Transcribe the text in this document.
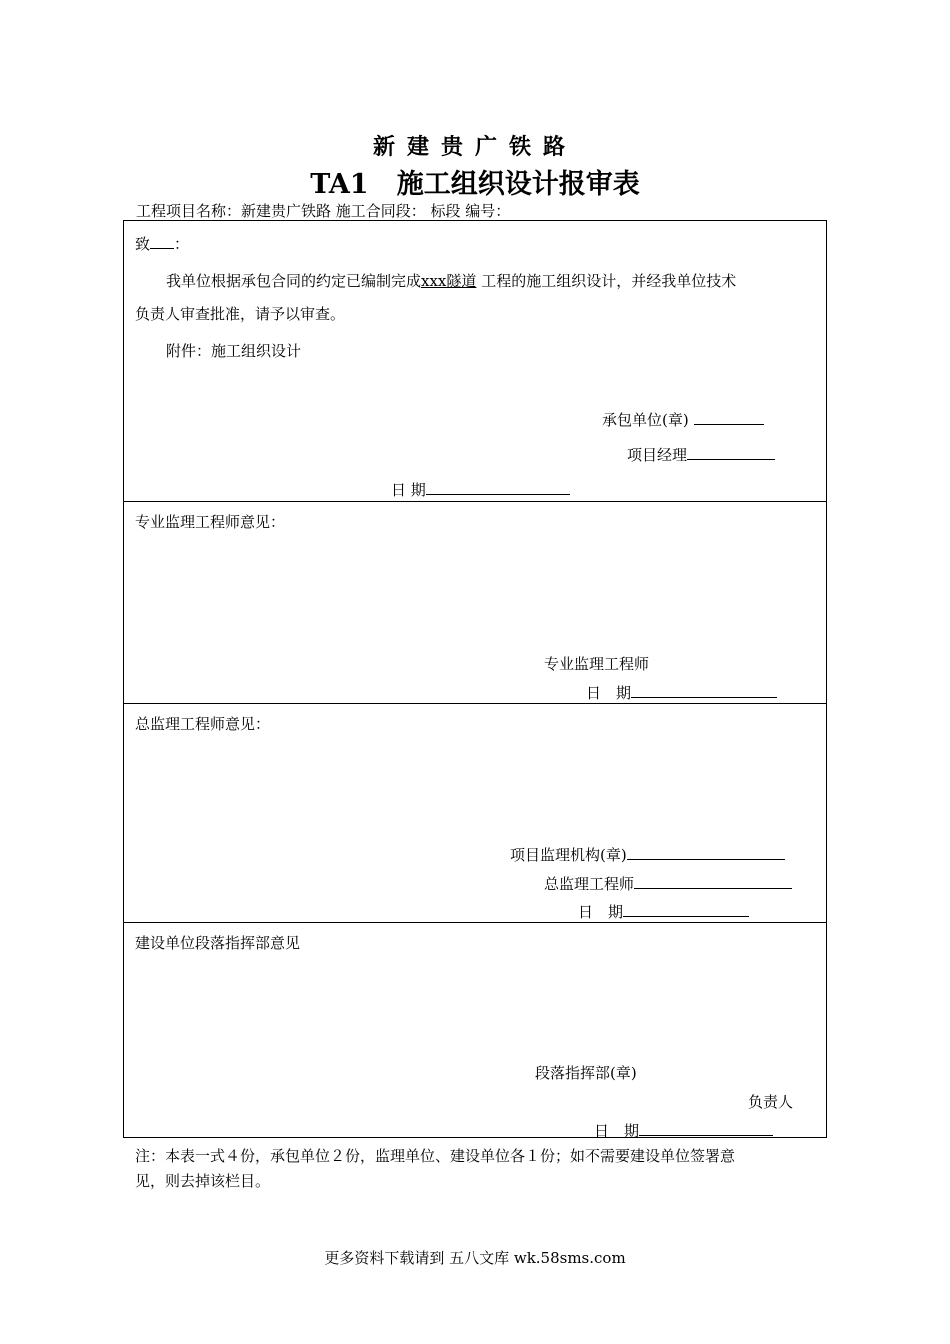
新建贵广铁路
TA1 施工组织设计报审表
工程项目名称：新建贵广铁路 施工合同段： 标段 编号：
致 ：
我单位根据承包合同的约定已编制完成xxx隧道 工程的施工组织设计，并经我单位技术
负责人审查批准，请予以审查。
附件：施工组织设计
承包单位(章)
项目经理
日 期
专业监理工程师意见：
专业监理工程师
日　期
总监理工程师意见：
项目监理机构(章)
总监理工程师
日　期
建设单位段落指挥部意见
段落指挥部(章)
负责人
日　期
注：本表一式４份，承包单位２份，监理单位、建设单位各１份；如不需要建设单位签署意
见，则去掉该栏目。
更多资料下载请到 五八文库 wk.58sms.com
